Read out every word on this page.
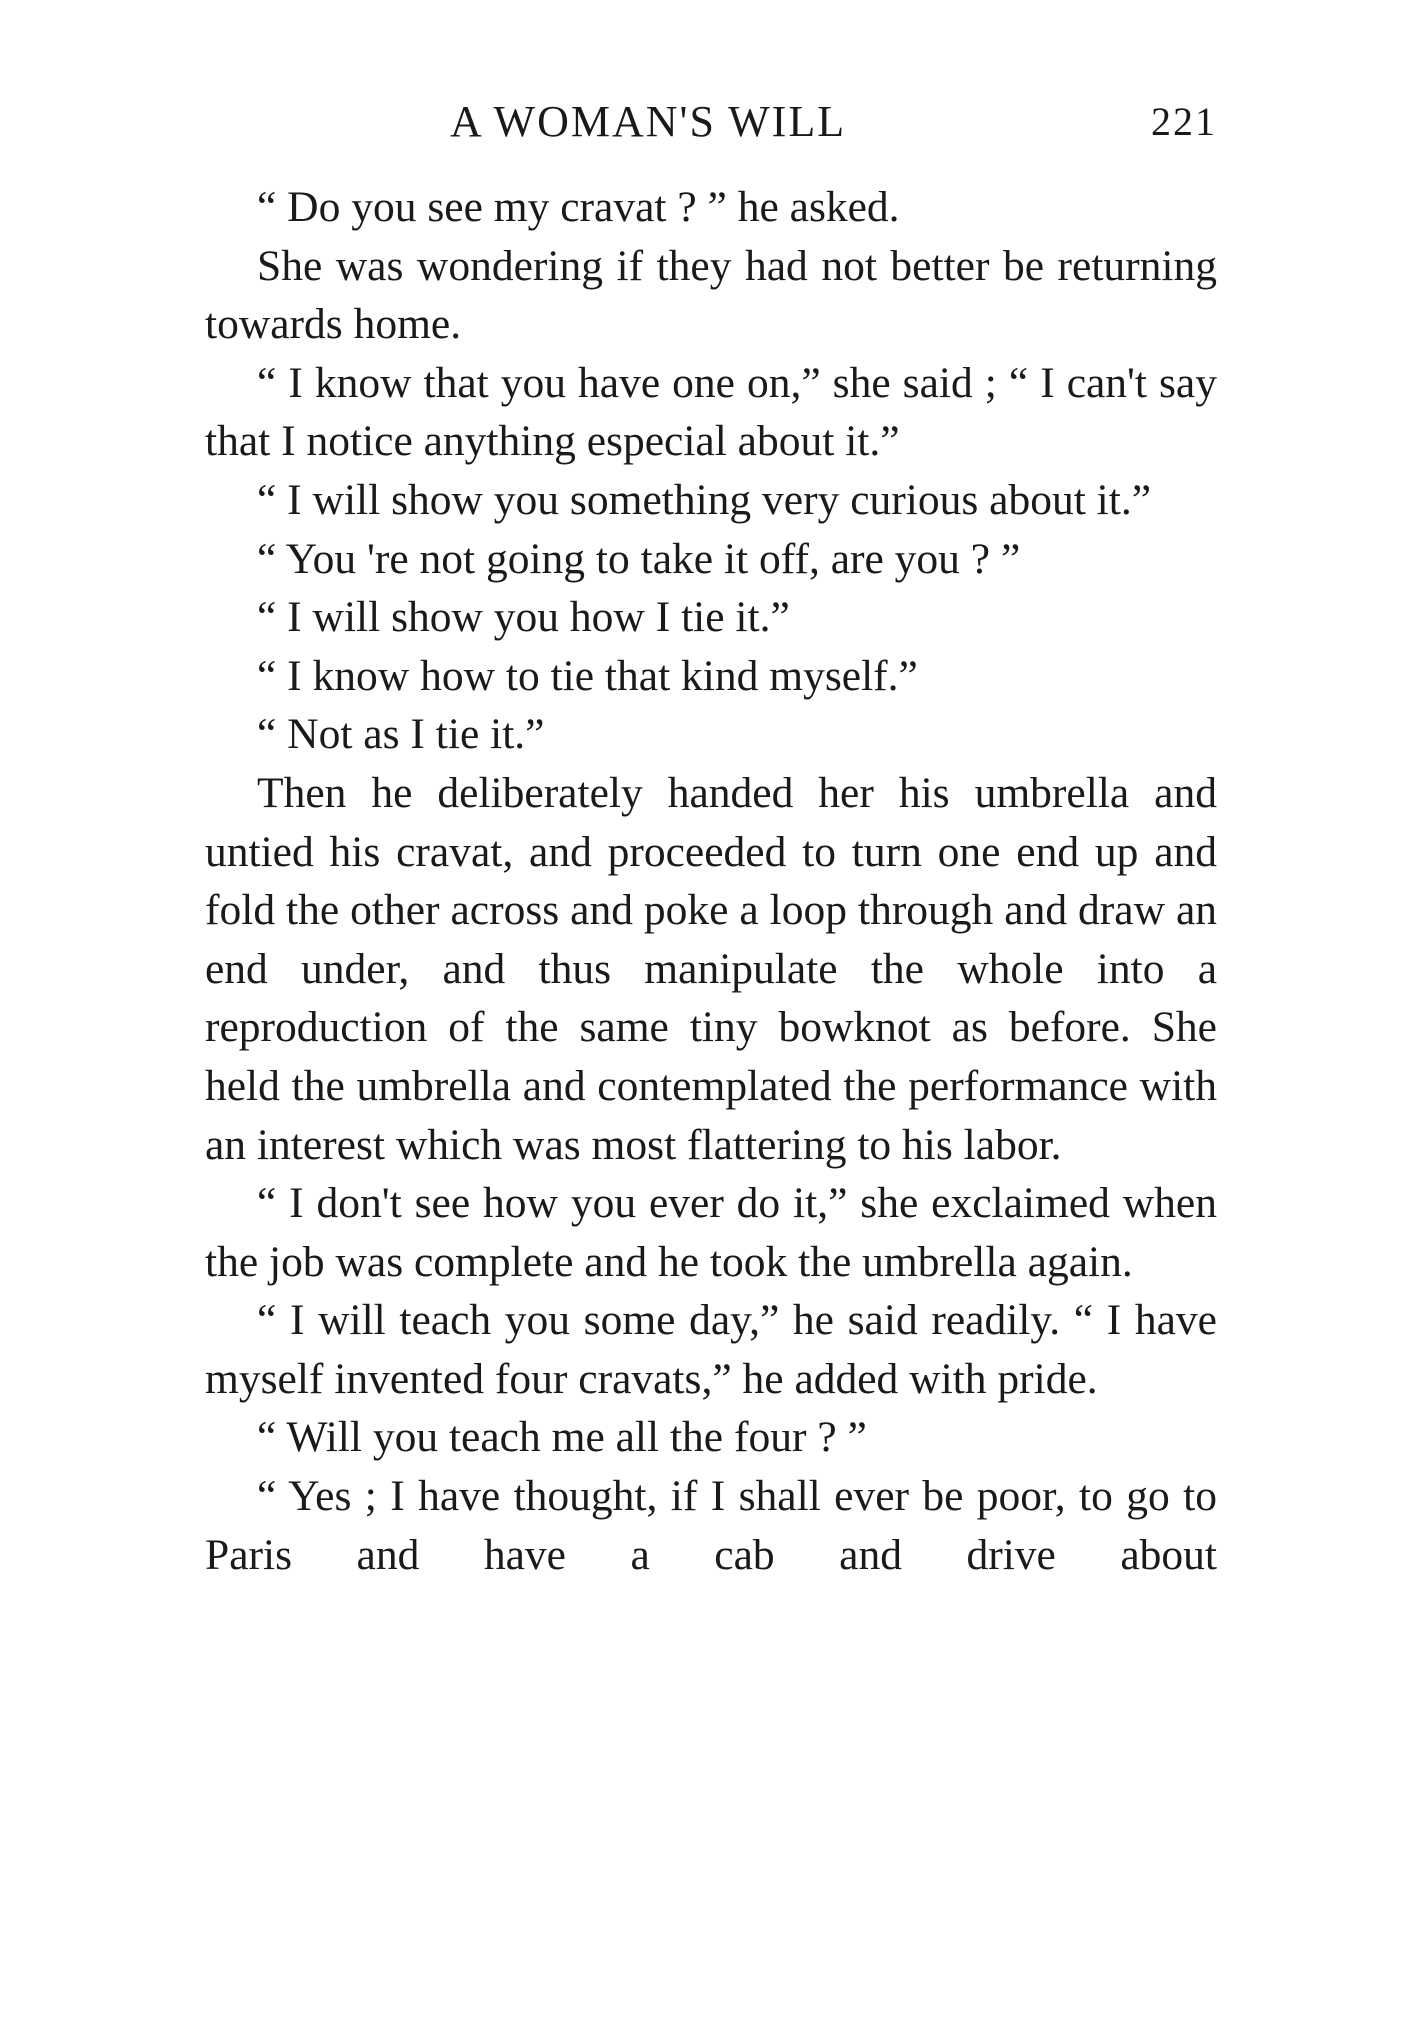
A WOMAN'S WILL	221

“ Do you see my cravat ? ” he asked.

She was wondering if they had not better be returning towards home.

“ I know that you have one on,” she said ; “ I can't say that I notice anything especial about it.”

“ I will show you something very curious about it.”

“ You 're not going to take it off, are you ? ”

“ I will show you how I tie it.”

“ I know how to tie that kind myself.”

“ Not as I tie it.”

Then he deliberately handed her his umbrella and untied his cravat, and proceeded to turn one end up and fold the other across and poke a loop through and draw an end under, and thus manipulate the whole into a reproduction of the same tiny bowknot as before. She held the umbrella and contemplated the performance with an interest which was most flattering to his labor.

“ I don't see how you ever do it,” she exclaimed when the job was complete and he took the umbrella again.

“ I will teach you some day,” he said readily. “ I have myself invented four cravats,” he added with pride.

“ Will you teach me all the four ? ”

“ Yes ; I have thought, if I shall ever be poor, to go to Paris and have a cab and drive about
